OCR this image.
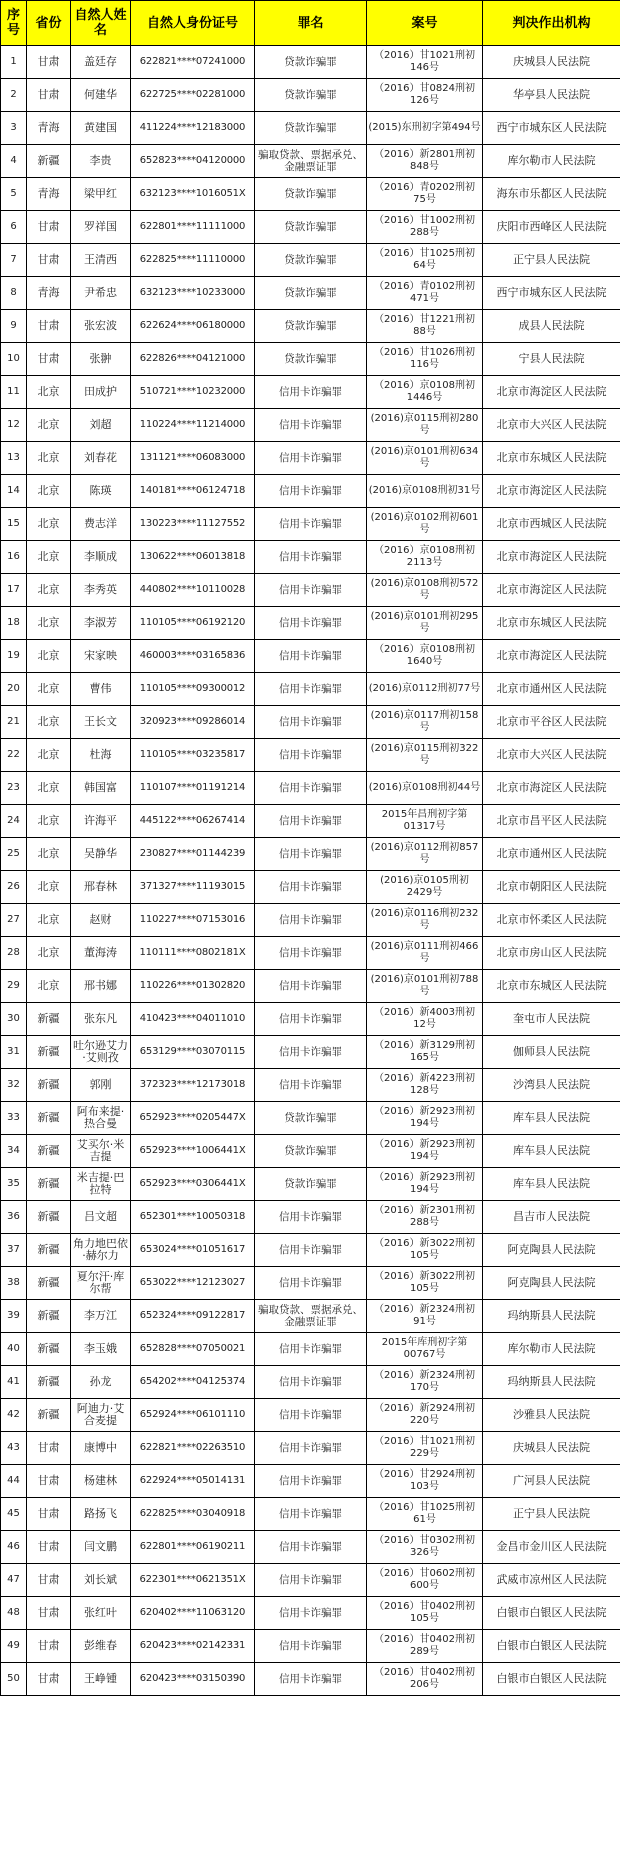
序号	省份	自然人姓名	自然人身份证号	罪名	案号	判决作出机构
1	甘肃	盖廷存	622821****07241000	贷款诈骗罪	（2016）甘1021刑初146号	庆城县人民法院
2	甘肃	何建华	622725****02281000	贷款诈骗罪	（2016）甘0824刑初126号	华亭县人民法院
3	青海	黄建国	411224****12183000	贷款诈骗罪	(2015)东刑初字第494号	西宁市城东区人民法院
4	新疆	李贵	652823****04120000	骗取贷款、票据承兑、金融票证罪	（2016）新2801刑初848号	库尔勒市人民法院
5	青海	梁甲红	632123****1016051X	贷款诈骗罪	（2016）青0202刑初75号	海东市乐都区人民法院
6	甘肃	罗祥国	622801****11111000	贷款诈骗罪	（2016）甘1002刑初288号	庆阳市西峰区人民法院
7	甘肃	王清西	622825****11110000	贷款诈骗罪	（2016）甘1025刑初64号	正宁县人民法院
8	青海	尹希忠	632123****10233000	贷款诈骗罪	（2016）青0102刑初471号	西宁市城东区人民法院
9	甘肃	张宏波	622624****06180000	贷款诈骗罪	（2016）甘1221刑初88号	成县人民法院
10	甘肃	张翀	622826****04121000	贷款诈骗罪	（2016）甘1026刑初116号	宁县人民法院
11	北京	田成护	510721****10232000	信用卡诈骗罪	（2016）京0108刑初1446号	北京市海淀区人民法院
12	北京	刘超	110224****11214000	信用卡诈骗罪	(2016)京0115刑初280号	北京市大兴区人民法院
13	北京	刘春花	131121****06083000	信用卡诈骗罪	(2016)京0101刑初634号	北京市东城区人民法院
14	北京	陈瑛	140181****06124718	信用卡诈骗罪	(2016)京0108刑初31号	北京市海淀区人民法院
15	北京	费志洋	130223****11127552	信用卡诈骗罪	(2016)京0102刑初601号	北京市西城区人民法院
16	北京	李顺成	130622****06013818	信用卡诈骗罪	（2016）京0108刑初2113号	北京市海淀区人民法院
17	北京	李秀英	440802****10110028	信用卡诈骗罪	(2016)京0108刑初572号	北京市海淀区人民法院
18	北京	李淑芳	110105****06192120	信用卡诈骗罪	(2016)京0101刑初295号	北京市东城区人民法院
19	北京	宋家映	460003****03165836	信用卡诈骗罪	（2016）京0108刑初1640号	北京市海淀区人民法院
20	北京	曹伟	110105****09300012	信用卡诈骗罪	(2016)京0112刑初77号	北京市通州区人民法院
21	北京	王长文	320923****09286014	信用卡诈骗罪	(2016)京0117刑初158号	北京市平谷区人民法院
22	北京	杜海	110105****03235817	信用卡诈骗罪	(2016)京0115刑初322号	北京市大兴区人民法院
23	北京	韩国富	110107****01191214	信用卡诈骗罪	(2016)京0108刑初44号	北京市海淀区人民法院
24	北京	许海平	445122****06267414	信用卡诈骗罪	2015年昌刑初字第01317号	北京市昌平区人民法院
25	北京	吴静华	230827****01144239	信用卡诈骗罪	(2016)京0112刑初857号	北京市通州区人民法院
26	北京	邢春林	371327****11193015	信用卡诈骗罪	(2016)京0105刑初2429号	北京市朝阳区人民法院
27	北京	赵财	110227****07153016	信用卡诈骗罪	(2016)京0116刑初232号	北京市怀柔区人民法院
28	北京	董海涛	110111****0802181X	信用卡诈骗罪	(2016)京0111刑初466号	北京市房山区人民法院
29	北京	邢书娜	110226****01302820	信用卡诈骗罪	(2016)京0101刑初788号	北京市东城区人民法院
30	新疆	张东凡	410423****04011010	信用卡诈骗罪	（2016）新4003刑初12号	奎屯市人民法院
31	新疆	吐尔逊艾力·艾则孜	653129****03070115	信用卡诈骗罪	（2016）新3129刑初165号	伽师县人民法院
32	新疆	郭刚	372323****12173018	信用卡诈骗罪	（2016）新4223刑初128号	沙湾县人民法院
33	新疆	阿布来提·热合曼	652923****0205447X	贷款诈骗罪	（2016）新2923刑初194号	库车县人民法院
34	新疆	艾买尔·米吉提	652923****1006441X	贷款诈骗罪	（2016）新2923刑初194号	库车县人民法院
35	新疆	米吉提·巴拉特	652923****0306441X	贷款诈骗罪	（2016）新2923刑初194号	库车县人民法院
36	新疆	吕文超	652301****10050318	信用卡诈骗罪	（2016）新2301刑初288号	昌吉市人民法院
37	新疆	角力地巴依·赫尔力	653024****01051617	信用卡诈骗罪	（2016）新3022刑初105号	阿克陶县人民法院
38	新疆	夏尔汗·库尔帮	653022****12123027	信用卡诈骗罪	（2016）新3022刑初105号	阿克陶县人民法院
39	新疆	李万江	652324****09122817	骗取贷款、票据承兑、金融票证罪	（2016）新2324刑初91号	玛纳斯县人民法院
40	新疆	李玉娥	652828****07050021	信用卡诈骗罪	2015年库刑初字第00767号	库尔勒市人民法院
41	新疆	孙龙	654202****04125374	信用卡诈骗罪	（2016）新2324刑初170号	玛纳斯县人民法院
42	新疆	阿迪力·艾合麦提	652924****06101110	信用卡诈骗罪	（2016）新2924刑初220号	沙雅县人民法院
43	甘肃	康博中	622821****02263510	信用卡诈骗罪	（2016）甘1021刑初229号	庆城县人民法院
44	甘肃	杨建林	622924****05014131	信用卡诈骗罪	（2016）甘2924刑初103号	广河县人民法院
45	甘肃	路扬飞	622825****03040918	信用卡诈骗罪	（2016）甘1025刑初61号	正宁县人民法院
46	甘肃	闫文鹏	622801****06190211	信用卡诈骗罪	（2016）甘0302刑初326号	金昌市金川区人民法院
47	甘肃	刘长斌	622301****0621351X	信用卡诈骗罪	（2016）甘0602刑初600号	武威市凉州区人民法院
48	甘肃	张红叶	620402****11063120	信用卡诈骗罪	（2016）甘0402刑初105号	白银市白银区人民法院
49	甘肃	彭维春	620423****02142331	信用卡诈骗罪	（2016）甘0402刑初289号	白银市白银区人民法院
50	甘肃	王峥锺	620423****03150390	信用卡诈骗罪	（2016）甘0402刑初206号	白银市白银区人民法院
